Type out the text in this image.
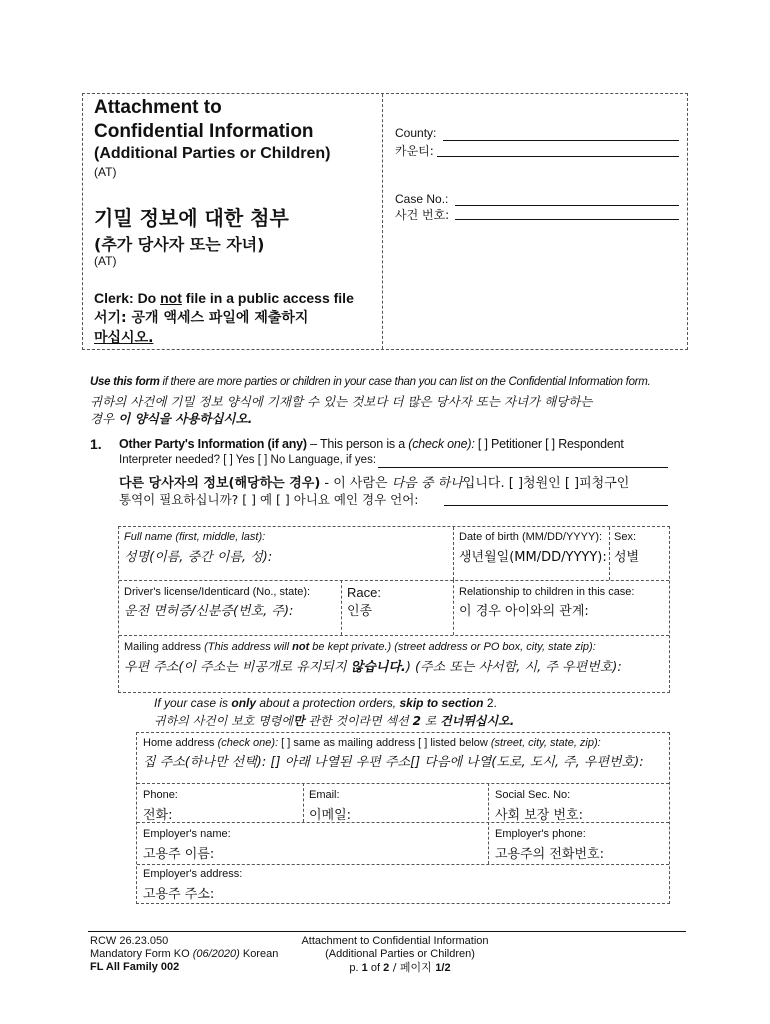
Attachment to
Confidential Information
(Additional Parties or Children)
(AT)
기밀 정보에 대한 첨부
(추가 당사자 또는 자녀)
(AT)
Clerk: Do not file in a public access file
서기: 공개 액세스 파일에 제출하지
마십시오.
County:
카운티:
Case No.:
사건 번호:
Use this form if there are more parties or children in your case than you can list on the Confidential Information form.
귀하의 사건에 기밀 정보 양식에 기재할 수 있는 것보다 더 많은 당사자 또는 자녀가 해당하는
경우 이 양식을 사용하십시오.
1. Other Party's Information (if any) – This person is a (check one): [ ] Petitioner [ ] Respondent
Interpreter needed? [ ] Yes [ ] No Language, if yes:
다른 당사자의 정보(해당하는 경우) - 이 사람은 다음 중 하나입니다. [ ]청원인 [ ]피청구인
통역이 필요하십니까? [ ] 예 [ ] 아니요 예인 경우 언어:
Full name (first, middle, last):
성명(이름, 중간 이름, 성):
Date of birth (MM/DD/YYYY):
생년월일(MM/DD/YYYY):
Sex:
성별
Driver's license/Identicard (No., state):
운전 면허증/신분증(번호, 주):
Race:
인종
Relationship to children in this case:
이 경우 아이와의 관계:
Mailing address (This address will not be kept private.) (street address or PO box, city, state zip):
우편 주소(이 주소는 비공개로 유지되지 않습니다.) (주소 또는 사서함, 시, 주 우편번호):
If your case is only about a protection orders, skip to section 2.
귀하의 사건이 보호 명령에만 관한 것이라면 섹션 2 로 건너뛰십시오.
Home address (check one): [ ] same as mailing address [ ] listed below (street, city, state, zip):
집 주소(하나만 선택): [] 아래 나열된 우편 주소[] 다음에 나열(도로, 도시, 주, 우편번호):
Phone:
전화:
Email:
이메일:
Social Sec. No:
사회 보장 번호:
Employer's name:
고용주 이름:
Employer's phone:
고용주의 전화번호:
Employer's address:
고용주 주소:
RCW 26.23.050
Mandatory Form KO (06/2020) Korean
FL All Family 002
Attachment to Confidential Information
(Additional Parties or Children)
p. 1 of 2 / 페이지 1/2
